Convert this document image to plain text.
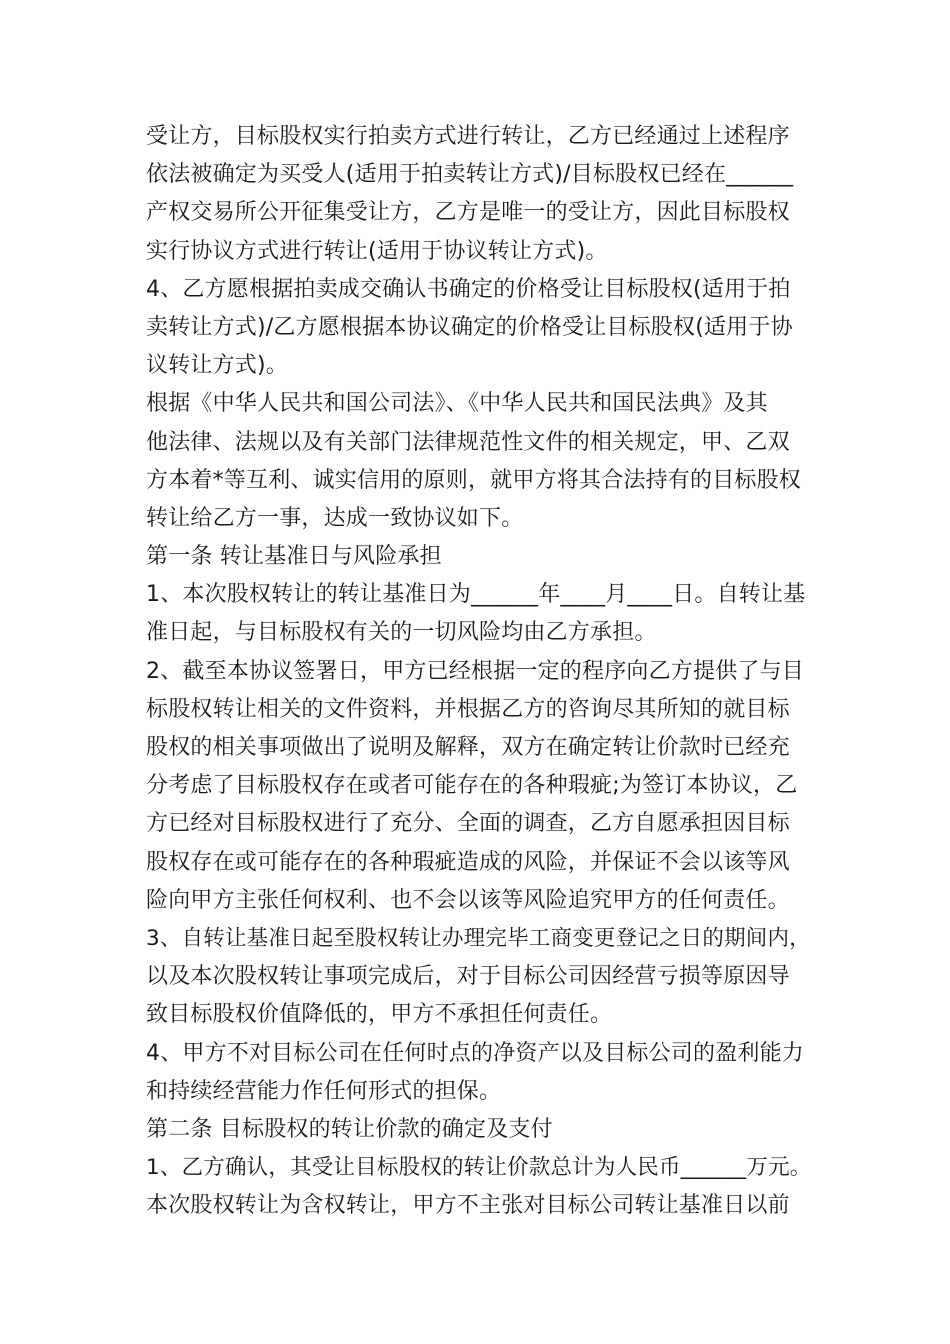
受让方，目标股权实行拍卖方式进行转让，乙方已经通过上述程序
依法被确定为买受人(适用于拍卖转让方式)/目标股权已经在______
产权交易所公开征集受让方，乙方是唯一的受让方，因此目标股权
实行协议方式进行转让(适用于协议转让方式)。
4、乙方愿根据拍卖成交确认书确定的价格受让目标股权(适用于拍
卖转让方式)/乙方愿根据本协议确定的价格受让目标股权(适用于协
议转让方式)。
根据《中华人民共和国公司法》、《中华人民共和国民法典》及其
他法律、法规以及有关部门法律规范性文件的相关规定，甲、乙双
方本着*等互利、诚实信用的原则，就甲方将其合法持有的目标股权
转让给乙方一事，达成一致协议如下。
第一条 转让基准日与风险承担
1、本次股权转让的转让基准日为______年____月____日。自转让基
准日起，与目标股权有关的一切风险均由乙方承担。
2、截至本协议签署日，甲方已经根据一定的程序向乙方提供了与目
标股权转让相关的文件资料，并根据乙方的咨询尽其所知的就目标
股权的相关事项做出了说明及解释，双方在确定转让价款时已经充
分考虑了目标股权存在或者可能存在的各种瑕疵;为签订本协议，乙
方已经对目标股权进行了充分、全面的调查，乙方自愿承担因目标
股权存在或可能存在的各种瑕疵造成的风险，并保证不会以该等风
险向甲方主张任何权利、也不会以该等风险追究甲方的任何责任。
3、自转让基准日起至股权转让办理完毕工商变更登记之日的期间内，
以及本次股权转让事项完成后，对于目标公司因经营亏损等原因导
致目标股权价值降低的，甲方不承担任何责任。
4、甲方不对目标公司在任何时点的净资产以及目标公司的盈利能力
和持续经营能力作任何形式的担保。
第二条 目标股权的转让价款的确定及支付
1、乙方确认，其受让目标股权的转让价款总计为人民币______万元。
本次股权转让为含权转让，甲方不主张对目标公司转让基准日以前
